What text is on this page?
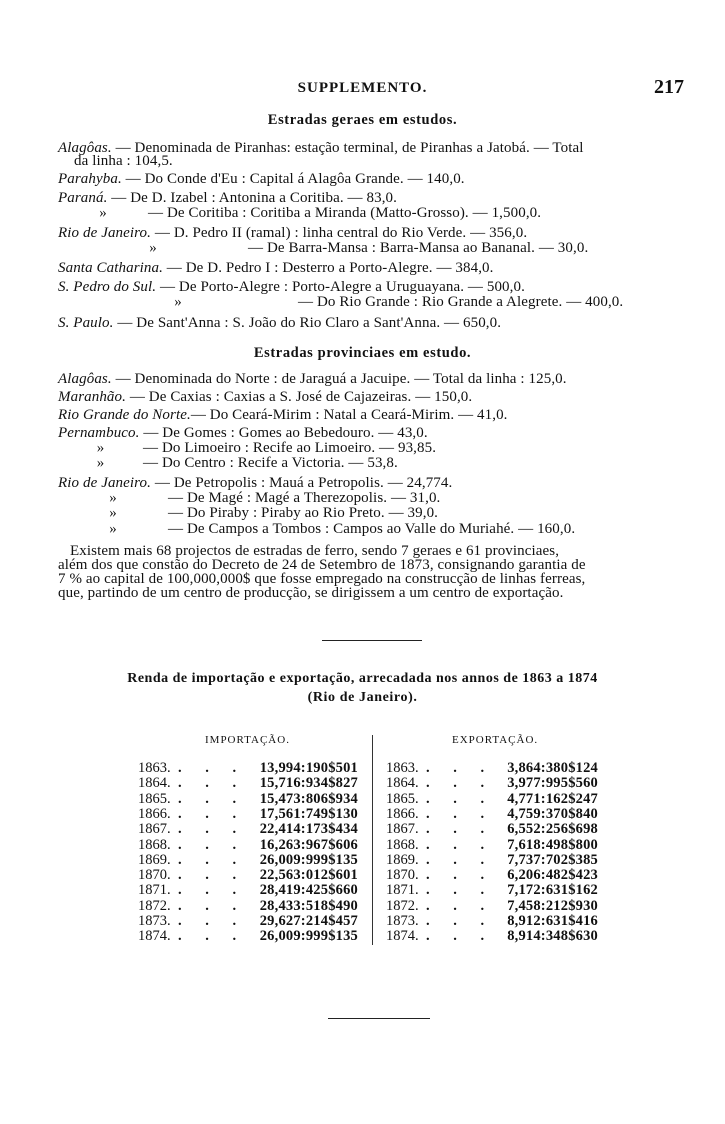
SUPPLEMENTO.	217
Estradas geraes em estudos.
Alagôas. — Denominada de Piranhas: estação terminal, de Piranhas a Jatobá. — Total
da linha : 104,5.
Parahyba. — Do Conde d'Eu : Capital á Alagôa Grande. — 140,0.
Paraná. — De D. Izabel : Antonina a Coritiba. — 83,0.
»	— De Coritiba : Coritiba a Miranda (Matto-Grosso). — 1,500,0.
Rio de Janeiro. — D. Pedro II (ramal) : linha central do Rio Verde. — 356,0.
»	— De Barra-Mansa : Barra-Mansa ao Bananal. — 30,0.
Santa Catharina. — De D. Pedro I : Desterro a Porto-Alegre. — 384,0.
S. Pedro do Sul. — De Porto-Alegre : Porto-Alegre a Uruguayana. — 500,0.
»	— Do Rio Grande : Rio Grande a Alegrete. — 400,0.
S. Paulo. — De Sant'Anna : S. João do Rio Claro a Sant'Anna. — 650,0.
Estradas provinciaes em estudo.
Alagôas. — Denominada do Norte : de Jaraguá a Jacuipe. — Total da linha : 125,0.
Maranhão. — De Caxias : Caxias a S. José de Cajazeiras. — 150,0.
Rio Grande do Norte.— Do Ceará-Mirim : Natal a Ceará-Mirim. — 41,0.
Pernambuco. — De Gomes : Gomes ao Bebedouro. — 43,0.
»	— Do Limoeiro : Recife ao Limoeiro. — 93,85.
»	— Do Centro : Recife a Victoria. — 53,8.
Rio de Janeiro. — De Petropolis : Mauá a Petropolis. — 24,774.
»	— De Magé : Magé a Therezopolis. — 31,0.
»	— Do Piraby : Piraby ao Rio Preto. — 39,0.
»	— De Campos a Tombos : Campos ao Valle do Muriahé. — 160,0.
Existem mais 68 projectos de estradas de ferro, sendo 7 geraes e 61 provinciaes,
além dos que constão do Decreto de 24 de Setembro de 1873, consignando garantia de
7 % ao capital de 100,000,000$ que fosse empregado na construcção de linhas ferreas,
que, partindo de um centro de producção, se dirigissem a um centro de exportação.
Renda de importação e exportação, arrecadada nos annos de 1863 a 1874
(Rio de Janeiro).
IMPORTAÇÃO.	EXPORTAÇÃO.
1863. . . . 13,994:190$501
1864. . . . 15,716:934$827
1865. . . . 15,473:806$934
1866. . . . 17,561:749$130
1867. . . . 22,414:173$434
1868. . . . 16,263:967$606
1869. . . . 26,009:999$135
1870. . . . 22,563:012$601
1871. . . . 28,419:425$660
1872. . . . 28,433:518$490
1873. . . . 29,627:214$457
1874. . . . 26,009:999$135
1863. . . . 3,864:380$124
1864. . . . 3,977:995$560
1865. . . . 4,771:162$247
1866. . . . 4,759:370$840
1867. . . . 6,552:256$698
1868. . . . 7,618:498$800
1869. . . . 7,737:702$385
1870. . . . 6,206:482$423
1871. . . . 7,172:631$162
1872. . . . 7,458:212$930
1873. . . . 8,912:631$416
1874. . . . 8,914:348$630
